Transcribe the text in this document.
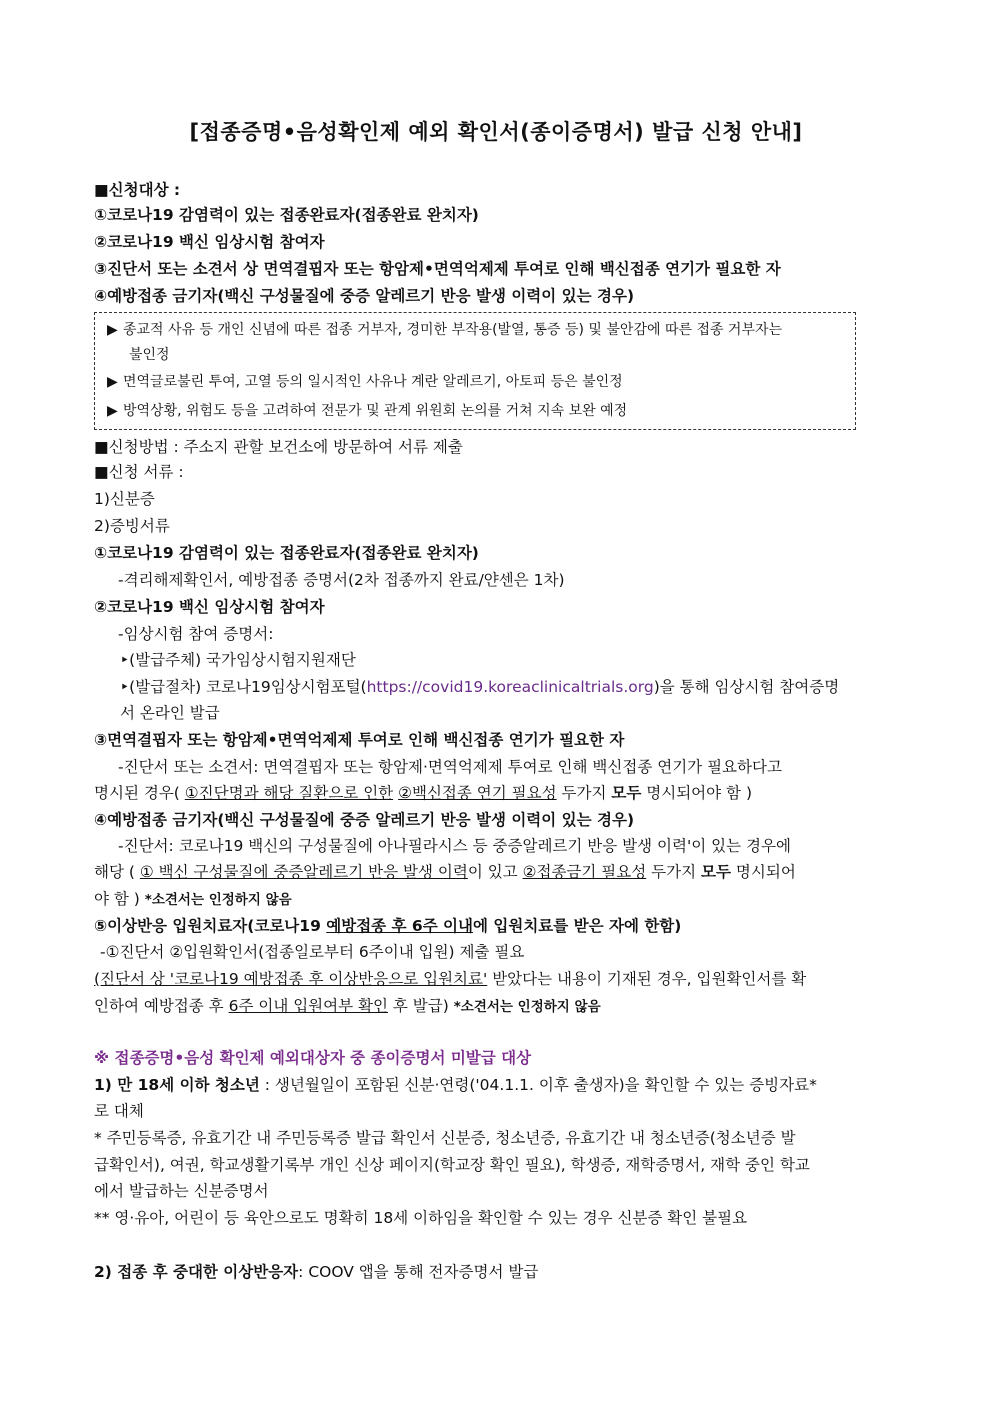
[접종증명•음성확인제 예외 확인서(종이증명서) 발급 신청 안내]
■신청대상 :
①코로나19 감염력이 있는 접종완료자(접종완료 완치자)
②코로나19 백신 임상시험 참여자
③진단서 또는 소견서 상 면역결핍자 또는 항암제•면역억제제 투여로 인해 백신접종 연기가 필요한 자
④예방접종 금기자(백신 구성물질에 중증 알레르기 반응 발생 이력이 있는 경우)
▶ 종교적 사유 등 개인 신념에 따른 접종 거부자, 경미한 부작용(발열, 통증 등) 및 불안감에 따른 접종 거부자는
불인정
▶ 면역글로불린 투여, 고열 등의 일시적인 사유나 계란 알레르기, 아토피 등은 불인정
▶ 방역상황, 위험도 등을 고려하여 전문가 및 관계 위원회 논의를 거쳐 지속 보완 예정
■신청방법 : 주소지 관할 보건소에 방문하여 서류 제출
■신청 서류 :
1)신분증
2)증빙서류
①코로나19 감염력이 있는 접종완료자(접종완료 완치자)
-격리해제확인서, 예방접종 증명서(2차 접종까지 완료/얀센은 1차)
②코로나19 백신 임상시험 참여자
-임상시험 참여 증명서:
‣(발급주체) 국가임상시험지원재단
‣(발급절차) 코로나19임상시험포털(https://covid19.koreaclinicaltrials.org)을 통해 임상시험 참여증명
서 온라인 발급
③면역결핍자 또는 항암제•면역억제제 투여로 인해 백신접종 연기가 필요한 자
-진단서 또는 소견서: 면역결핍자 또는 항암제·면역억제제 투여로 인해 백신접종 연기가 필요하다고
명시된 경우( ①진단명과 해당 질환으로 인한 ②백신접종 연기 필요성 두가지 모두 명시되어야 함 )
④예방접종 금기자(백신 구성물질에 중증 알레르기 반응 발생 이력이 있는 경우)
-진단서: 코로나19 백신의 구성물질에 아나필라시스 등 중증알레르기 반응 발생 이력'이 있는 경우에
해당 ( ① 백신 구성물질에 중증알레르기 반응 발생 이력이 있고 ②접종금기 필요성 두가지 모두 명시되어
야 함 ) *소견서는 인정하지 않음
⑤이상반응 입원치료자(코로나19 예방접종 후 6주 이내에 입원치료를 받은 자에 한함)
-①진단서 ②입원확인서(접종일로부터 6주이내 입원) 제출 필요
(진단서 상 '코로나19 예방접종 후 이상반응으로 입원치료' 받았다는 내용이 기재된 경우, 입원확인서를 확
인하여 예방접종 후 6주 이내 입원여부 확인 후 발급) *소견서는 인정하지 않음
※ 접종증명•음성 확인제 예외대상자 중 종이증명서 미발급 대상
1) 만 18세 이하 청소년 : 생년월일이 포함된 신분·연령('04.1.1. 이후 출생자)을 확인할 수 있는 증빙자료*
로 대체
* 주민등록증, 유효기간 내 주민등록증 발급 확인서 신분증, 청소년증, 유효기간 내 청소년증(청소년증 발
급확인서), 여권, 학교생활기록부 개인 신상 페이지(학교장 확인 필요), 학생증, 재학증명서, 재학 중인 학교
에서 발급하는 신분증명서
** 영·유아, 어린이 등 육안으로도 명확히 18세 이하임을 확인할 수 있는 경우 신분증 확인 불필요
2) 접종 후 중대한 이상반응자: COOV 앱을 통해 전자증명서 발급
